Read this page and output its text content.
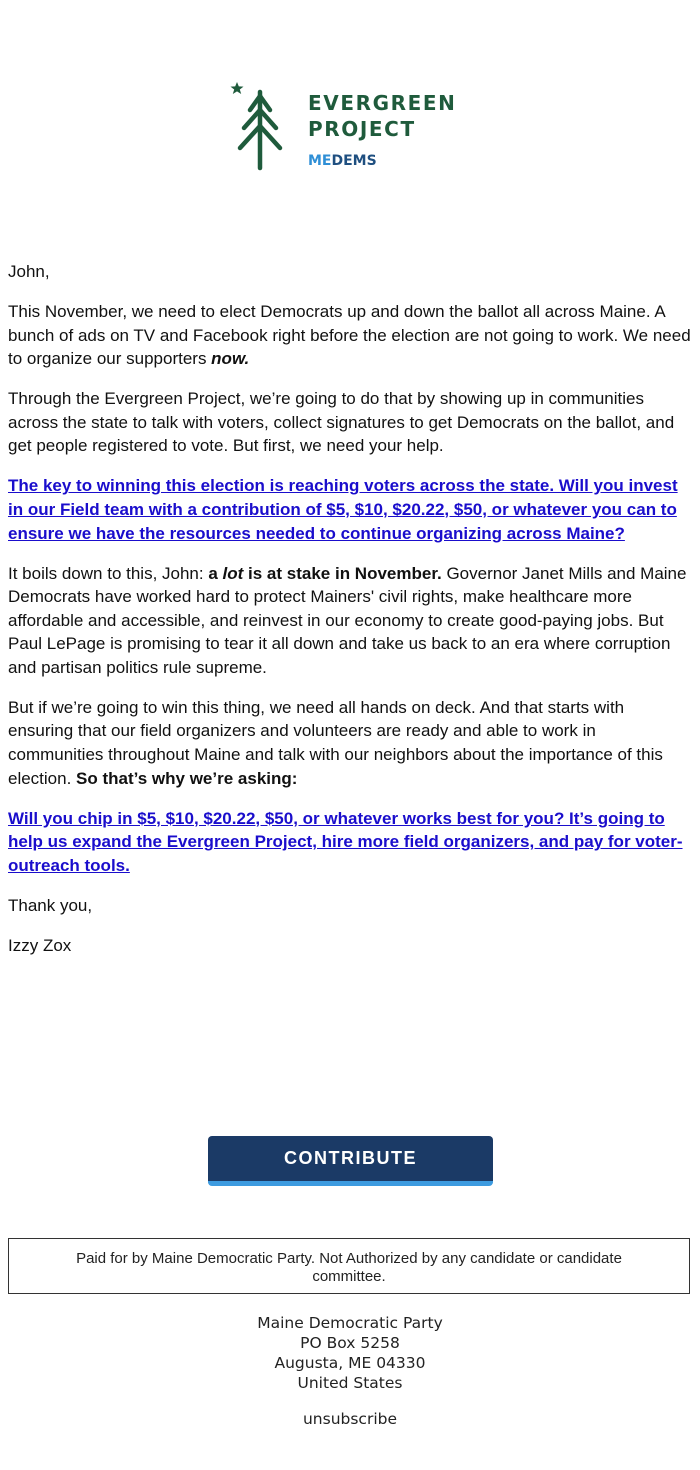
EVERGREEN
PROJECT
MEDEMS

John,

This November, we need to elect Democrats up and down the ballot all across Maine. A bunch of ads on TV and Facebook right before the election are not going to work. We need to organize our supporters now.

Through the Evergreen Project, we’re going to do that by showing up in communities across the state to talk with voters, collect signatures to get Democrats on the ballot, and get people registered to vote. But first, we need your help.

The key to winning this election is reaching voters across the state. Will you invest in our Field team with a contribution of $5, $10, $20.22, $50, or whatever you can to ensure we have the resources needed to continue organizing across Maine?

It boils down to this, John: a lot is at stake in November. Governor Janet Mills and Maine Democrats have worked hard to protect Mainers' civil rights, make healthcare more affordable and accessible, and reinvest in our economy to create good-paying jobs. But Paul LePage is promising to tear it all down and take us back to an era where corruption and partisan politics rule supreme.

But if we’re going to win this thing, we need all hands on deck. And that starts with ensuring that our field organizers and volunteers are ready and able to work in communities throughout Maine and talk with our neighbors about the importance of this election. So that’s why we’re asking:

Will you chip in $5, $10, $20.22, $50, or whatever works best for you? It’s going to help us expand the Evergreen Project, hire more field organizers, and pay for voter-outreach tools.

Thank you,

Izzy Zox

CONTRIBUTE
Paid for by Maine Democratic Party. Not Authorized by any candidate or candidate committee.
Maine Democratic Party
PO Box 5258
Augusta, ME 04330
United States
unsubscribe
